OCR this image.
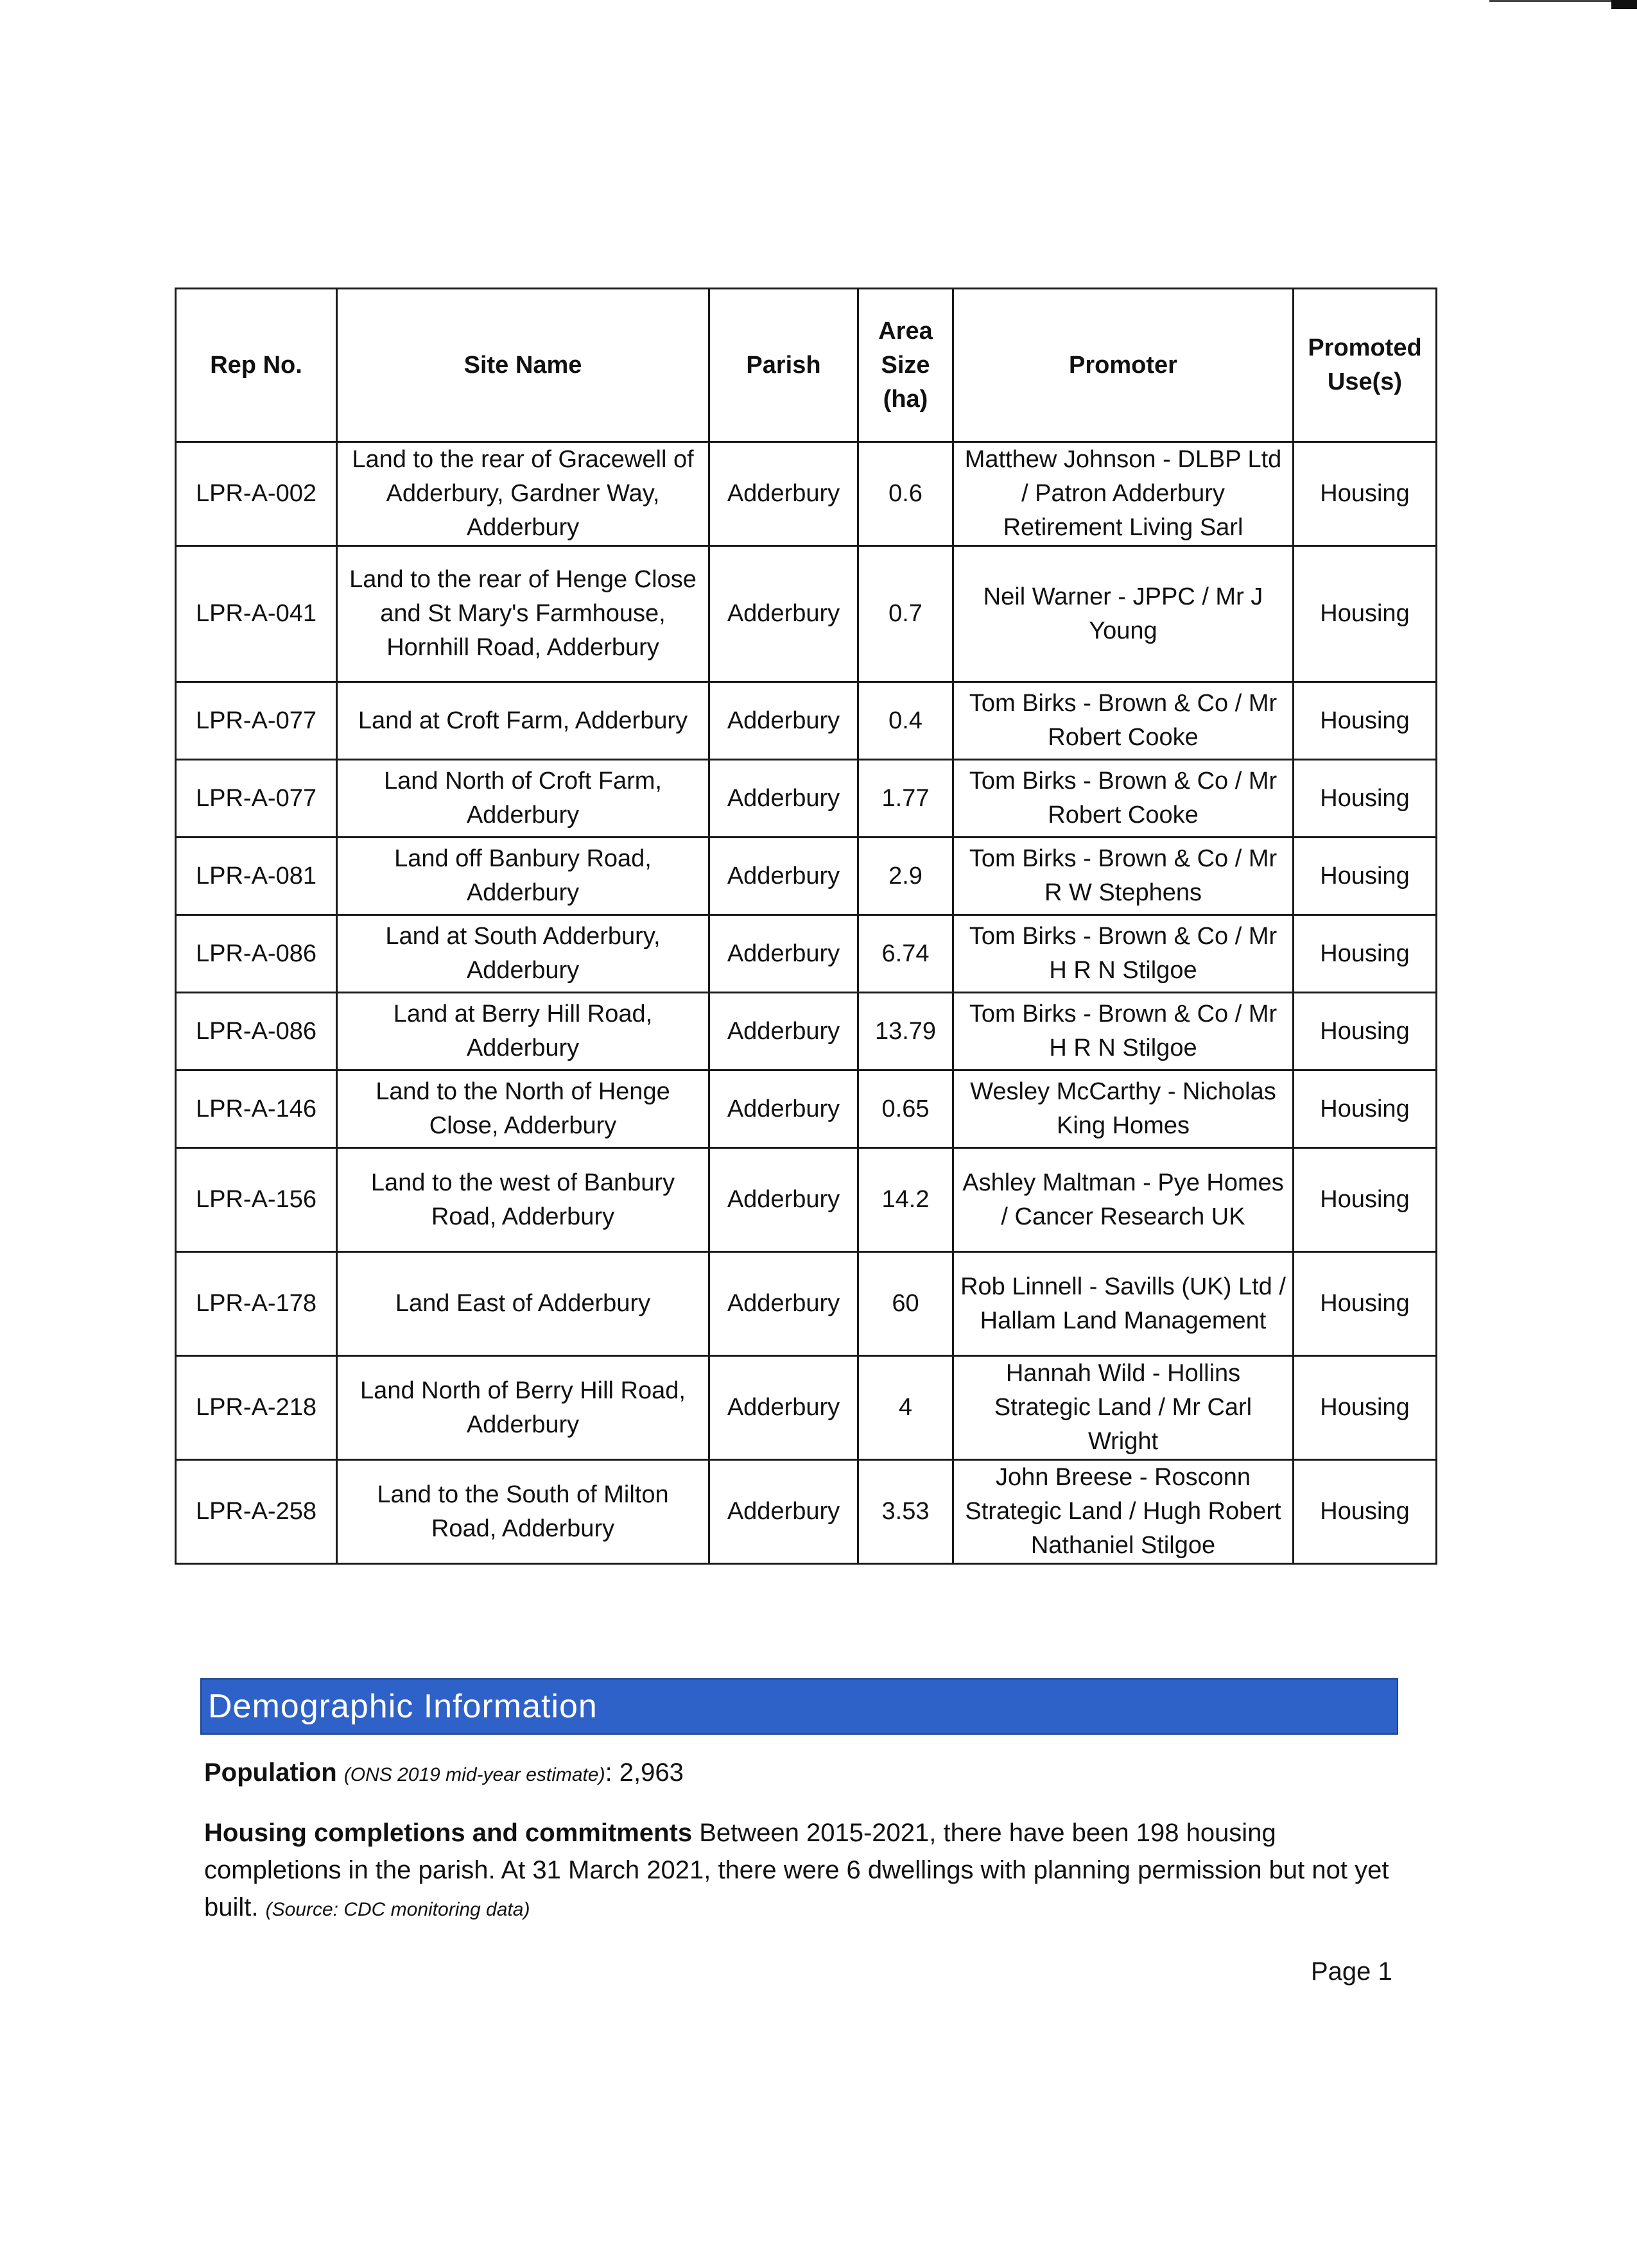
Rep No.	Site Name	Parish	Area Size (ha)	Promoter	Promoted Use(s)
LPR-A-002	Land to the rear of Gracewell of Adderbury, Gardner Way, Adderbury	Adderbury	0.6	Matthew Johnson - DLBP Ltd / Patron Adderbury Retirement Living Sarl	Housing
LPR-A-041	Land to the rear of Henge Close and St Mary's Farmhouse, Hornhill Road, Adderbury	Adderbury	0.7	Neil Warner - JPPC / Mr J Young	Housing
LPR-A-077	Land at Croft Farm, Adderbury	Adderbury	0.4	Tom Birks - Brown & Co / Mr Robert Cooke	Housing
LPR-A-077	Land North of Croft Farm, Adderbury	Adderbury	1.77	Tom Birks - Brown & Co / Mr Robert Cooke	Housing
LPR-A-081	Land off Banbury Road, Adderbury	Adderbury	2.9	Tom Birks - Brown & Co / Mr R W Stephens	Housing
LPR-A-086	Land at South Adderbury, Adderbury	Adderbury	6.74	Tom Birks - Brown & Co / Mr H R N Stilgoe	Housing
LPR-A-086	Land at Berry Hill Road, Adderbury	Adderbury	13.79	Tom Birks - Brown & Co / Mr H R N Stilgoe	Housing
LPR-A-146	Land to the North of Henge Close, Adderbury	Adderbury	0.65	Wesley McCarthy - Nicholas King Homes	Housing
LPR-A-156	Land to the west of Banbury Road, Adderbury	Adderbury	14.2	Ashley Maltman - Pye Homes / Cancer Research UK	Housing
LPR-A-178	Land East of Adderbury	Adderbury	60	Rob Linnell - Savills (UK) Ltd / Hallam Land Management	Housing
LPR-A-218	Land North of Berry Hill Road, Adderbury	Adderbury	4	Hannah Wild - Hollins Strategic Land / Mr Carl Wright	Housing
LPR-A-258	Land to the South of Milton Road, Adderbury	Adderbury	3.53	John Breese - Rosconn Strategic Land / Hugh Robert Nathaniel Stilgoe	Housing
Demographic Information
Population (ONS 2019 mid-year estimate): 2,963
Housing completions and commitments Between 2015-2021, there have been 198 housing completions in the parish. At 31 March 2021, there were 6 dwellings with planning permission but not yet built. (Source: CDC monitoring data)
Page 1
